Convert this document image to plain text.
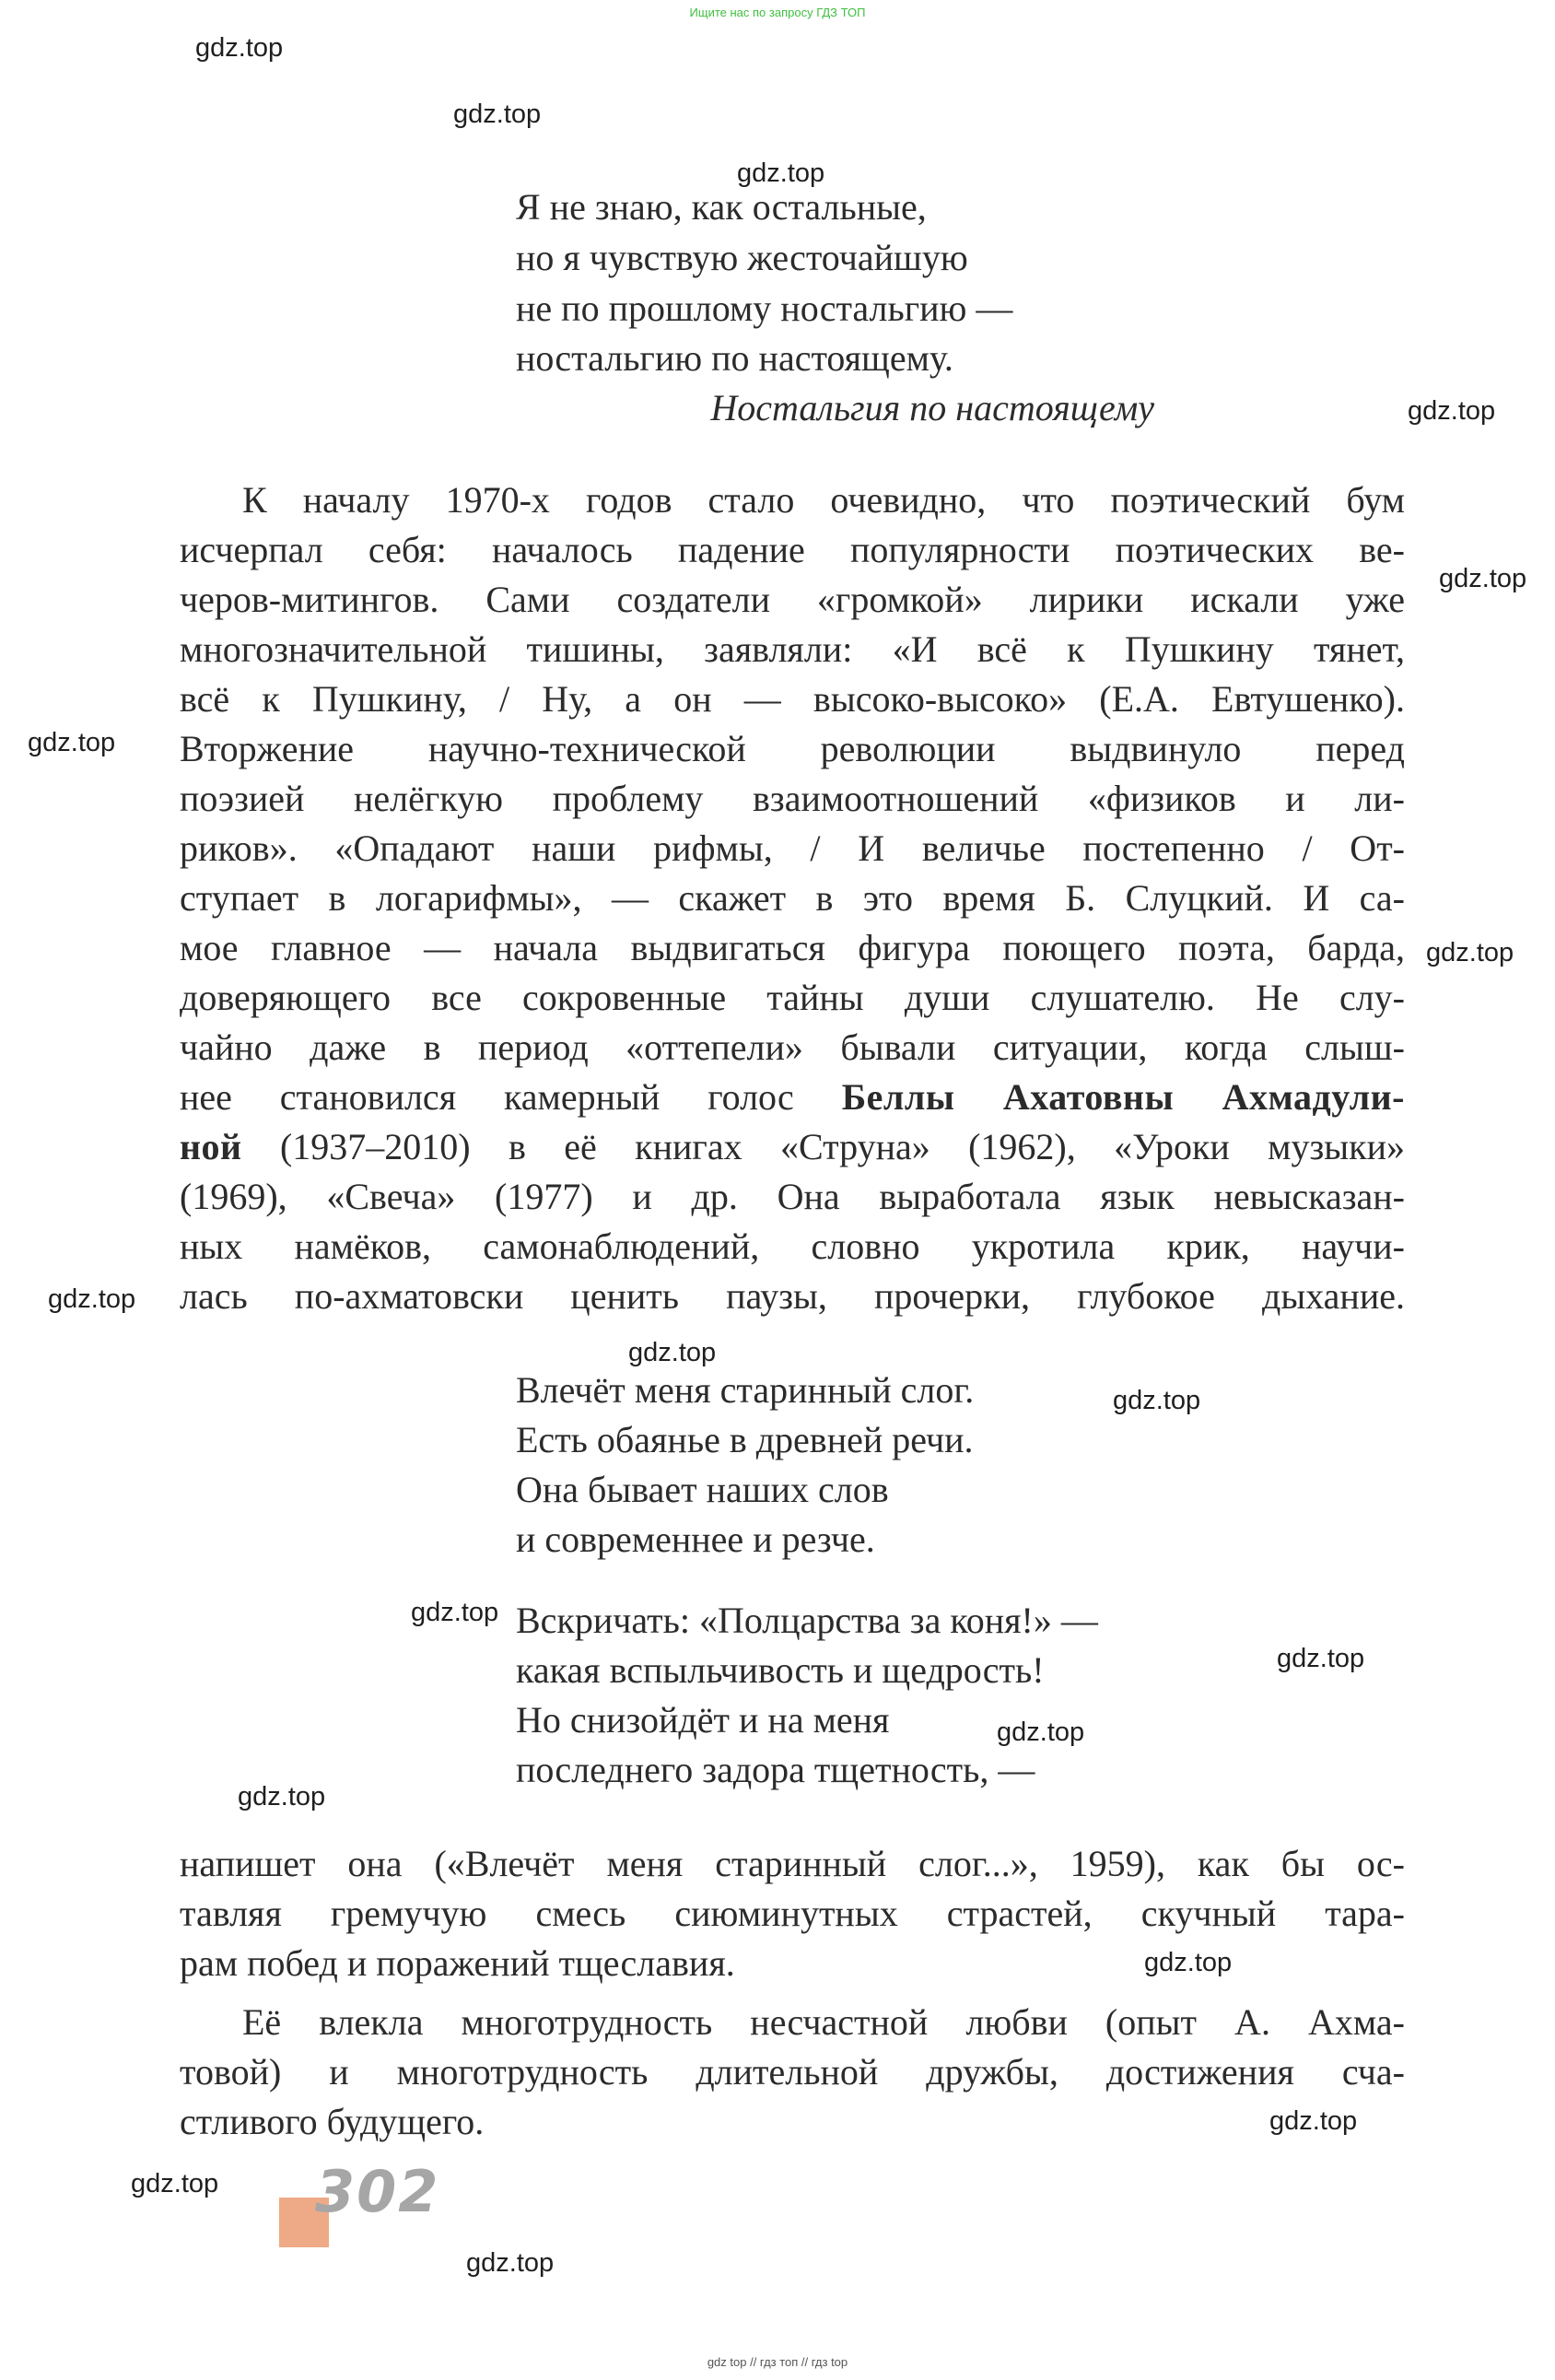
Ищите нас по запросу ГДЗ ТОП
Я не знаю, как остальные,
но я чувствую жесточайшую
не по прошлому ностальгию —
ностальгию по настоящему.
Ностальгия по настоящему
К началу 1970-х годов стало очевидно, что поэтический бум
исчерпал себя: началось падение популярности поэтических ве-
черов-митингов. Сами создатели «громкой» лирики искали уже
многозначительной тишины, заявляли: «И всё к Пушкину тянет,
всё к Пушкину, / Ну, а он — высоко-высоко» (Е.А. Евтушенко).
Вторжение научно-технической революции выдвинуло перед
поэзией нелёгкую проблему взаимоотношений «физиков и ли-
риков». «Опадают наши рифмы, / И величье постепенно / От-
ступает в логарифмы», — скажет в это время Б. Слуцкий. И са-
мое главное — начала выдвигаться фигура поющего поэта, барда,
доверяющего все сокровенные тайны души слушателю. Не слу-
чайно даже в период «оттепели» бывали ситуации, когда слыш-
нее становился камерный голос Беллы Ахатовны Ахмадули-
ной (1937–2010) в её книгах «Струна» (1962), «Уроки музыки»
(1969), «Свеча» (1977) и др. Она выработала язык невысказан-
ных намёков, самонаблюдений, словно укротила крик, научи-
лась по-ахматовски ценить паузы, прочерки, глубокое дыхание.
Влечёт меня старинный слог.
Есть обаянье в древней речи.
Она бывает наших слов
и современнее и резче.
Вскричать: «Полцарства за коня!» —
какая вспыльчивость и щедрость!
Но снизойдёт и на меня
последнего задора тщетность, —
напишет она («Влечёт меня старинный слог...», 1959), как бы ос-
тавляя гремучую смесь сиюминутных страстей, скучный тара-
рам побед и поражений тщеславия.
Её влекла многотрудность несчастной любви (опыт А. Ахма-
товой) и многотрудность длительной дружбы, достижения сча-
стливого будущего.
302
gdz.top
gdz.top
gdz.top
gdz.top
gdz.top
gdz.top
gdz.top
gdz.top
gdz.top
gdz.top
gdz.top
gdz.top
gdz.top
gdz.top
gdz.top
gdz.top
gdz.top
gdz.top
gdz top // гдз топ // гдз top
